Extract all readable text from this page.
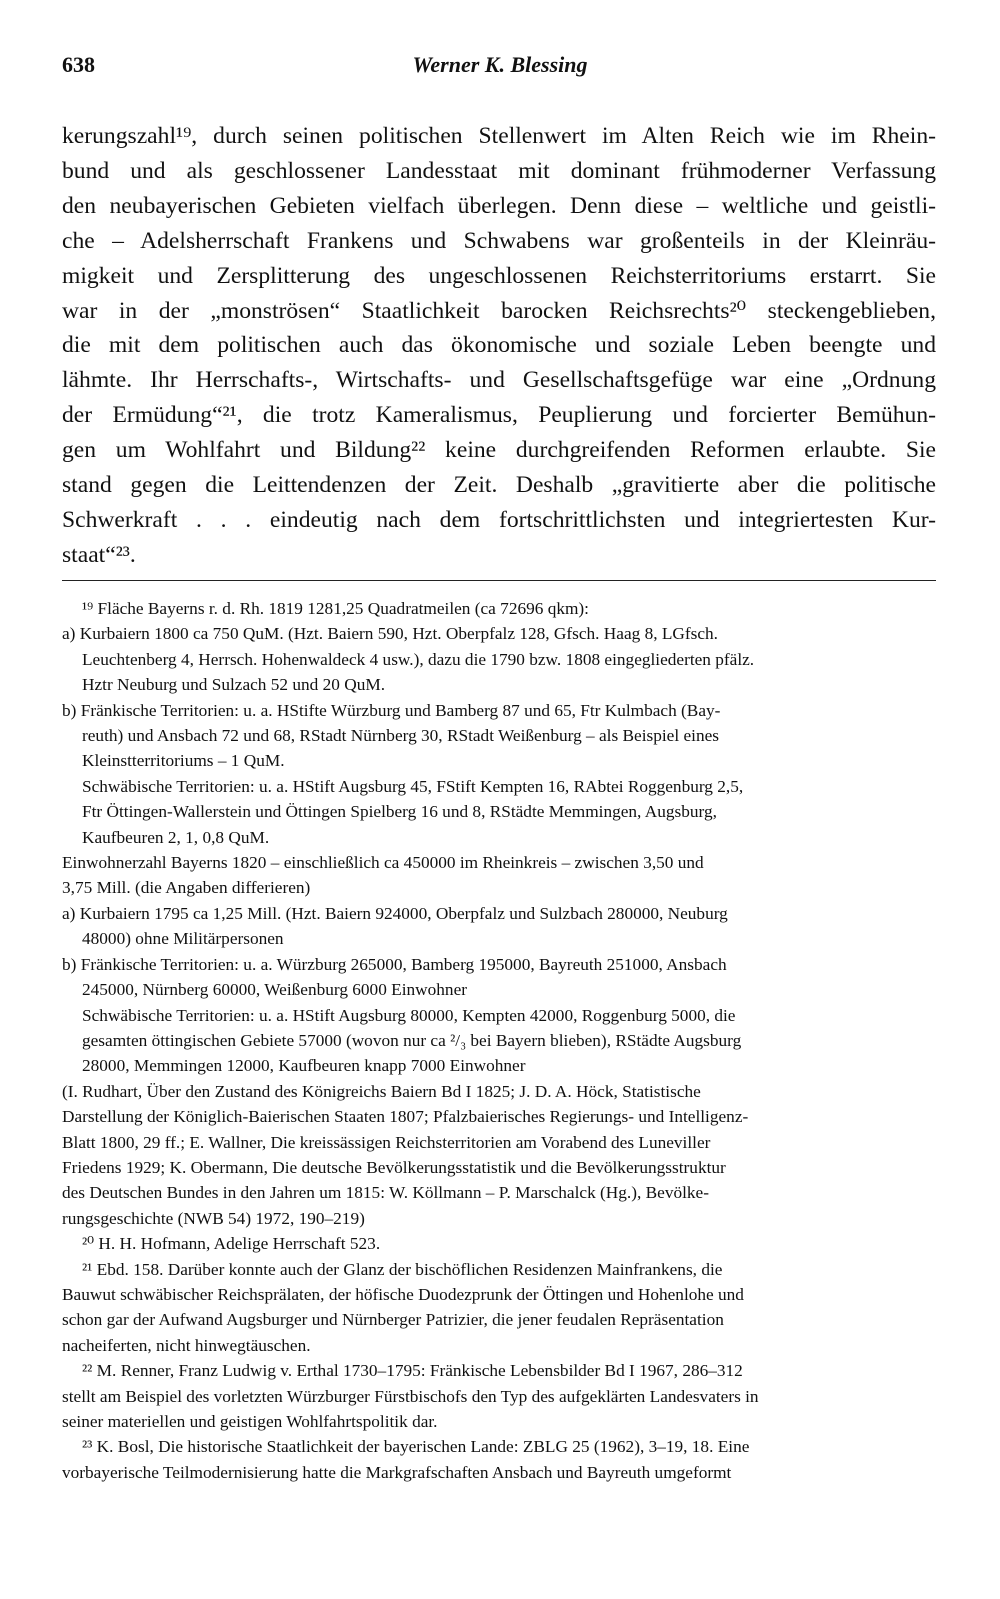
638	Werner K. Blessing
kerungszahl¹⁹, durch seinen politischen Stellenwert im Alten Reich wie im Rhein-
bund und als geschlossener Landesstaat mit dominant frühmoderner Verfassung
den neubayerischen Gebieten vielfach überlegen. Denn diese – weltliche und geistli-
che – Adelsherrschaft Frankens und Schwabens war großenteils in der Kleinräu-
migkeit und Zersplitterung des ungeschlossenen Reichsterritoriums erstarrt. Sie
war in der „monströsen“ Staatlichkeit barocken Reichsrechts²⁰ steckengeblieben,
die mit dem politischen auch das ökonomische und soziale Leben beengte und
lähmte. Ihr Herrschafts-, Wirtschafts- und Gesellschaftsgefüge war eine „Ordnung
der Ermüdung“²¹, die trotz Kameralismus, Peuplierung und forcierter Bemühun-
gen um Wohlfahrt und Bildung²² keine durchgreifenden Reformen erlaubte. Sie
stand gegen die Leittendenzen der Zeit. Deshalb „gravitierte aber die politische
Schwerkraft . . . eindeutig nach dem fortschrittlichsten und integriertesten Kur-
staat“²³.
¹⁹ Fläche Bayerns r. d. Rh. 1819 1281,25 Quadratmeilen (ca 72696 qkm):
a) Kurbaiern 1800 ca 750 QuM. (Hzt. Baiern 590, Hzt. Oberpfalz 128, Gfsch. Haag 8, LGfsch.
Leuchtenberg 4, Herrsch. Hohenwaldeck 4 usw.), dazu die 1790 bzw. 1808 eingegliederten pfälz.
Hztr Neuburg und Sulzach 52 und 20 QuM.
b) Fränkische Territorien: u. a. HStifte Würzburg und Bamberg 87 und 65, Ftr Kulmbach (Bay-
reuth) und Ansbach 72 und 68, RStadt Nürnberg 30, RStadt Weißenburg – als Beispiel eines
Kleinstterritoriums – 1 QuM.
Schwäbische Territorien: u. a. HStift Augsburg 45, FStift Kempten 16, RAbtei Roggenburg 2,5,
Ftr Öttingen-Wallerstein und Öttingen Spielberg 16 und 8, RStädte Memmingen, Augsburg,
Kaufbeuren 2, 1, 0,8 QuM.
Einwohnerzahl Bayerns 1820 – einschließlich ca 450000 im Rheinkreis – zwischen 3,50 und
3,75 Mill. (die Angaben differieren)
a) Kurbaiern 1795 ca 1,25 Mill. (Hzt. Baiern 924000, Oberpfalz und Sulzbach 280000, Neuburg
48000) ohne Militärpersonen
b) Fränkische Territorien: u. a. Würzburg 265000, Bamberg 195000, Bayreuth 251000, Ansbach
245000, Nürnberg 60000, Weißenburg 6000 Einwohner
Schwäbische Territorien: u. a. HStift Augsburg 80000, Kempten 42000, Roggenburg 5000, die
gesamten öttingischen Gebiete 57000 (wovon nur ca ²/₃ bei Bayern blieben), RStädte Augsburg
28000, Memmingen 12000, Kaufbeuren knapp 7000 Einwohner
(I. Rudhart, Über den Zustand des Königreichs Baiern Bd I 1825; J. D. A. Höck, Statistische
Darstellung der Königlich-Baierischen Staaten 1807; Pfalzbaierisches Regierungs- und Intelligenz-
Blatt 1800, 29 ff.; E. Wallner, Die kreissässigen Reichsterritorien am Vorabend des Luneviller
Friedens 1929; K. Obermann, Die deutsche Bevölkerungsstatistik und die Bevölkerungsstruktur
des Deutschen Bundes in den Jahren um 1815: W. Köllmann – P. Marschalck (Hg.), Bevölke-
rungsgeschichte (NWB 54) 1972, 190–219)
²⁰ H. H. Hofmann, Adelige Herrschaft 523.
²¹ Ebd. 158. Darüber konnte auch der Glanz der bischöflichen Residenzen Mainfrankens, die
Bauwut schwäbischer Reichsprälaten, der höfische Duodezprunk der Öttingen und Hohenlohe und
schon gar der Aufwand Augsburger und Nürnberger Patrizier, die jener feudalen Repräsentation
nacheiferten, nicht hinwegtäuschen.
²² M. Renner, Franz Ludwig v. Erthal 1730–1795: Fränkische Lebensbilder Bd I 1967, 286–312
stellt am Beispiel des vorletzten Würzburger Fürstbischofs den Typ des aufgeklärten Landesvaters in
seiner materiellen und geistigen Wohlfahrtspolitik dar.
²³ K. Bosl, Die historische Staatlichkeit der bayerischen Lande: ZBLG 25 (1962), 3–19, 18. Eine
vorbayerische Teilmodernisierung hatte die Markgrafschaften Ansbach und Bayreuth umgeformt
